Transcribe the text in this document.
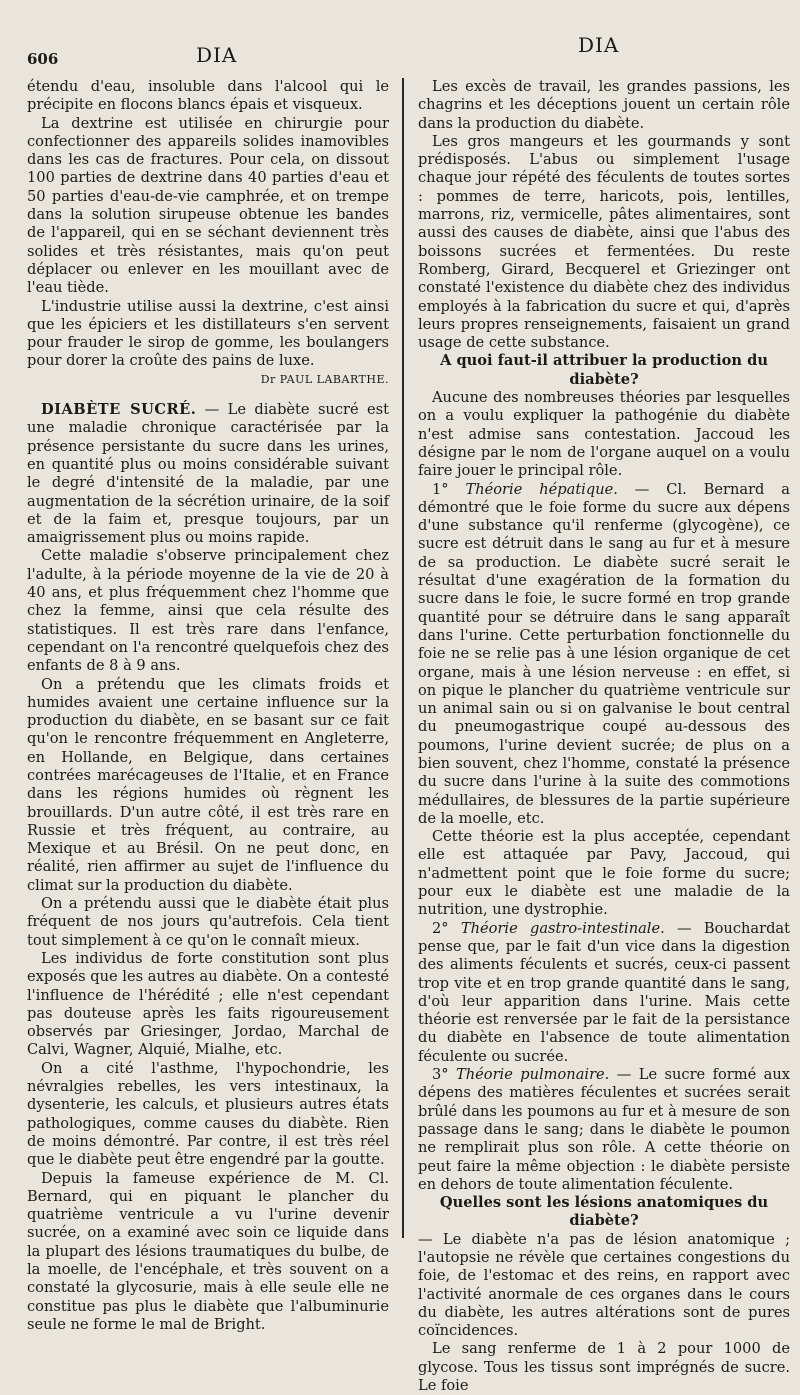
606	DIA	DIA

étendu d'eau, insoluble dans l'alcool qui le précipite en flocons blancs épais et visqueux.

La dextrine est utilisée en chirurgie pour confectionner des appareils solides inamovibles dans les cas de fractures. Pour cela, on dissout 100 parties de dextrine dans 40 parties d'eau et 50 parties d'eau-de-vie camphrée, et on trempe dans la solution sirupeuse obtenue les bandes de l'appareil, qui en se séchant deviennent très solides et très résistantes, mais qu'on peut déplacer ou enlever en les mouillant avec de l'eau tiède.

L'industrie utilise aussi la dextrine, c'est ainsi que les épiciers et les distillateurs s'en servent pour frauder le sirop de gomme, les boulangers pour dorer la croûte des pains de luxe.

Dr PAUL LABARTHE.

DIABÈTE SUCRÉ. — Le diabète sucré est une maladie chronique caractérisée par la présence persistante du sucre dans les urines, en quantité plus ou moins considérable suivant le degré d'intensité de la maladie, par une augmentation de la sécrétion urinaire, de la soif et de la faim et, presque toujours, par un amaigrissement plus ou moins rapide.

Cette maladie s'observe principalement chez l'adulte, à la période moyenne de la vie de 20 à 40 ans, et plus fréquemment chez l'homme que chez la femme, ainsi que cela résulte des statistiques. Il est très rare dans l'enfance, cependant on l'a rencontré quelquefois chez des enfants de 8 à 9 ans.

On a prétendu que les climats froids et humides avaient une certaine influence sur la production du diabète, en se basant sur ce fait qu'on le rencontre fréquemment en Angleterre, en Hollande, en Belgique, dans certaines contrées marécageuses de l'Italie, et en France dans les régions humides où règnent les brouillards. D'un autre côté, il est très rare en Russie et très fréquent, au contraire, au Mexique et au Brésil. On ne peut donc, en réalité, rien affirmer au sujet de l'influence du climat sur la production du diabète.

On a prétendu aussi que le diabète était plus fréquent de nos jours qu'autrefois. Cela tient tout simplement à ce qu'on le connaît mieux.

Les individus de forte constitution sont plus exposés que les autres au diabète. On a contesté l'influence de l'hérédité ; elle n'est cependant pas douteuse après les faits rigoureusement observés par Griesinger, Jordao, Marchal de Calvi, Wagner, Alquié, Mialhe, etc.

On a cité l'asthme, l'hypochondrie, les névralgies rebelles, les vers intestinaux, la dysenterie, les calculs, et plusieurs autres états pathologiques, comme causes du diabète. Rien de moins démontré. Par contre, il est très réel que le diabète peut être engendré par la goutte.

Depuis la fameuse expérience de M. Cl. Bernard, qui en piquant le plancher du quatrième ventricule a vu l'urine devenir sucrée, on a examiné avec soin ce liquide dans la plupart des lésions traumatiques du bulbe, de la moelle, de l'encéphale, et très souvent on a constaté la glycosurie, mais à elle seule elle ne constitue pas plus le diabète que l'albuminurie seule ne forme le mal de Bright.

Les excès de travail, les grandes passions, les chagrins et les déceptions jouent un certain rôle dans la production du diabète.

Les gros mangeurs et les gourmands y sont prédisposés. L'abus ou simplement l'usage chaque jour répété des féculents de toutes sortes : pommes de terre, haricots, pois, lentilles, marrons, riz, vermicelle, pâtes alimentaires, sont aussi des causes de diabète, ainsi que l'abus des boissons sucrées et fermentées. Du reste Romberg, Girard, Becquerel et Griezinger ont constaté l'existence du diabète chez des individus employés à la fabrication du sucre et qui, d'après leurs propres renseignements, faisaient un grand usage de cette substance.

A quoi faut-il attribuer la production du diabète?

Aucune des nombreuses théories par lesquelles on a voulu expliquer la pathogénie du diabète n'est admise sans contestation. Jaccoud les désigne par le nom de l'organe auquel on a voulu faire jouer le principal rôle.

1° Théorie hépatique. — Cl. Bernard a démontré que le foie forme du sucre aux dépens d'une substance qu'il renferme (glycogène), ce sucre est détruit dans le sang au fur et à mesure de sa production. Le diabète sucré serait le résultat d'une exagération de la formation du sucre dans le foie, le sucre formé en trop grande quantité pour se détruire dans le sang apparaît dans l'urine. Cette perturbation fonctionnelle du foie ne se relie pas à une lésion organique de cet organe, mais à une lésion nerveuse : en effet, si on pique le plancher du quatrième ventricule sur un animal sain ou si on galvanise le bout central du pneumogastrique coupé au-dessous des poumons, l'urine devient sucrée; de plus on a bien souvent, chez l'homme, constaté la présence du sucre dans l'urine à la suite des commotions médullaires, de blessures de la partie supérieure de la moelle, etc.

Cette théorie est la plus acceptée, cependant elle est attaquée par Pavy, Jaccoud, qui n'admettent point que le foie forme du sucre; pour eux le diabète est une maladie de la nutrition, une dystrophie.

2° Théorie gastro-intestinale. — Bouchardat pense que, par le fait d'un vice dans la digestion des aliments féculents et sucrés, ceux-ci passent trop vite et en trop grande quantité dans le sang, d'où leur apparition dans l'urine. Mais cette théorie est renversée par le fait de la persistance du diabète en l'absence de toute alimentation féculente ou sucrée.

3° Théorie pulmonaire. — Le sucre formé aux dépens des matières féculentes et sucrées serait brûlé dans les poumons au fur et à mesure de son passage dans le sang; dans le diabète le poumon ne remplirait plus son rôle. A cette théorie on peut faire la même objection : le diabète persiste en dehors de toute alimentation féculente.

Quelles sont les lésions anatomiques du diabète?

— Le diabète n'a pas de lésion anatomique ; l'autopsie ne révèle que certaines congestions du foie, de l'estomac et des reins, en rapport avec l'activité anormale de ces organes dans le cours du diabète, les autres altérations sont de pures coïncidences.

Le sang renferme de 1 à 2 pour 1000 de glycose. Tous les tissus sont imprégnés de sucre. Le foie
